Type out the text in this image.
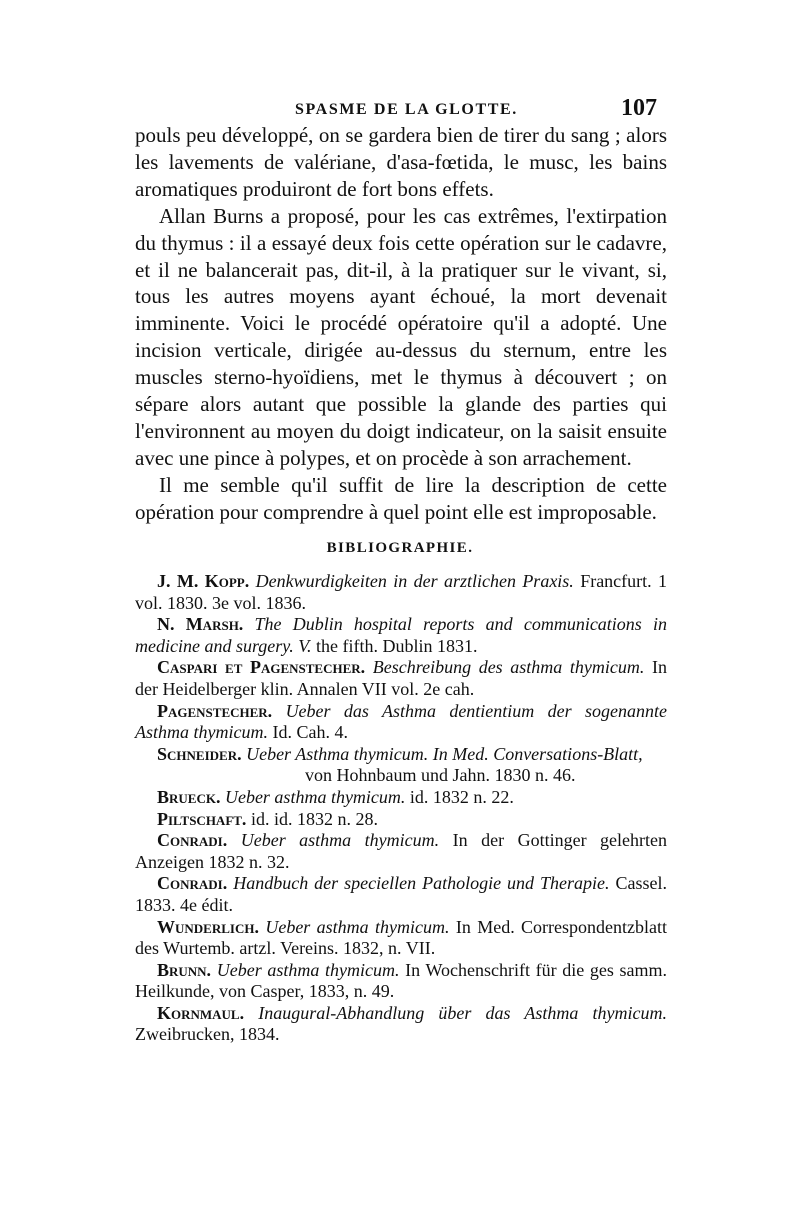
SPASME DE LA GLOTTE.	107

pouls peu développé, on se gardera bien de tirer du sang ; alors les lavements de valériane, d'asa-fœtida, le musc, les bains aromatiques produiront de fort bons effets.

Allan Burns a proposé, pour les cas extrêmes, l'extirpation du thymus : il a essayé deux fois cette opération sur le cadavre, et il ne balancerait pas, dit-il, à la pratiquer sur le vivant, si, tous les autres moyens ayant échoué, la mort devenait imminente. Voici le procédé opératoire qu'il a adopté. Une incision verticale, dirigée au-dessus du sternum, entre les muscles sterno-hyoïdiens, met le thymus à découvert ; on sépare alors autant que possible la glande des parties qui l'environnent au moyen du doigt indicateur, on la saisit ensuite avec une pince à polypes, et on procède à son arrachement.

Il me semble qu'il suffit de lire la description de cette opération pour comprendre à quel point elle est improposable.

BIBLIOGRAPHIE.

J. M. Kopp. Denkwurdigkeiten in der arztlichen Praxis. Francfurt. 1 vol. 1830. 3e vol. 1836.

N. Marsh. The Dublin hospital reports and communications in medicine and surgery. V. the fifth. Dublin 1831.

Caspari et Pagenstecher. Beschreibung des asthma thymicum. In der Heidelberger klin. Annalen VII vol. 2e cah.

Pagenstecher. Ueber das Asthma dentientium der sogenannte Asthma thymicum. Id. Cah. 4.

Schneider. Ueber Asthma thymicum. In Med. Conversations-Blatt,
von Hohnbaum und Jahn. 1830 n. 46.

Brueck. Ueber asthma thymicum. id. 1832 n. 22.

Piltschaft. id. id. 1832 n. 28.

Conradi. Ueber asthma thymicum. In der Gottinger gelehrten Anzeigen 1832 n. 32.

Conradi. Handbuch der speciellen Pathologie und Therapie. Cassel. 1833. 4e édit.

Wunderlich. Ueber asthma thymicum. In Med. Correspondentzblatt des Wurtemb. artzl. Vereins. 1832, n. VII.

Brunn. Ueber asthma thymicum. In Wochenschrift für die ges samm. Heilkunde, von Casper, 1833, n. 49.

Kornmaul. Inaugural-Abhandlung über das Asthma thymicum. Zweibrucken, 1834.
